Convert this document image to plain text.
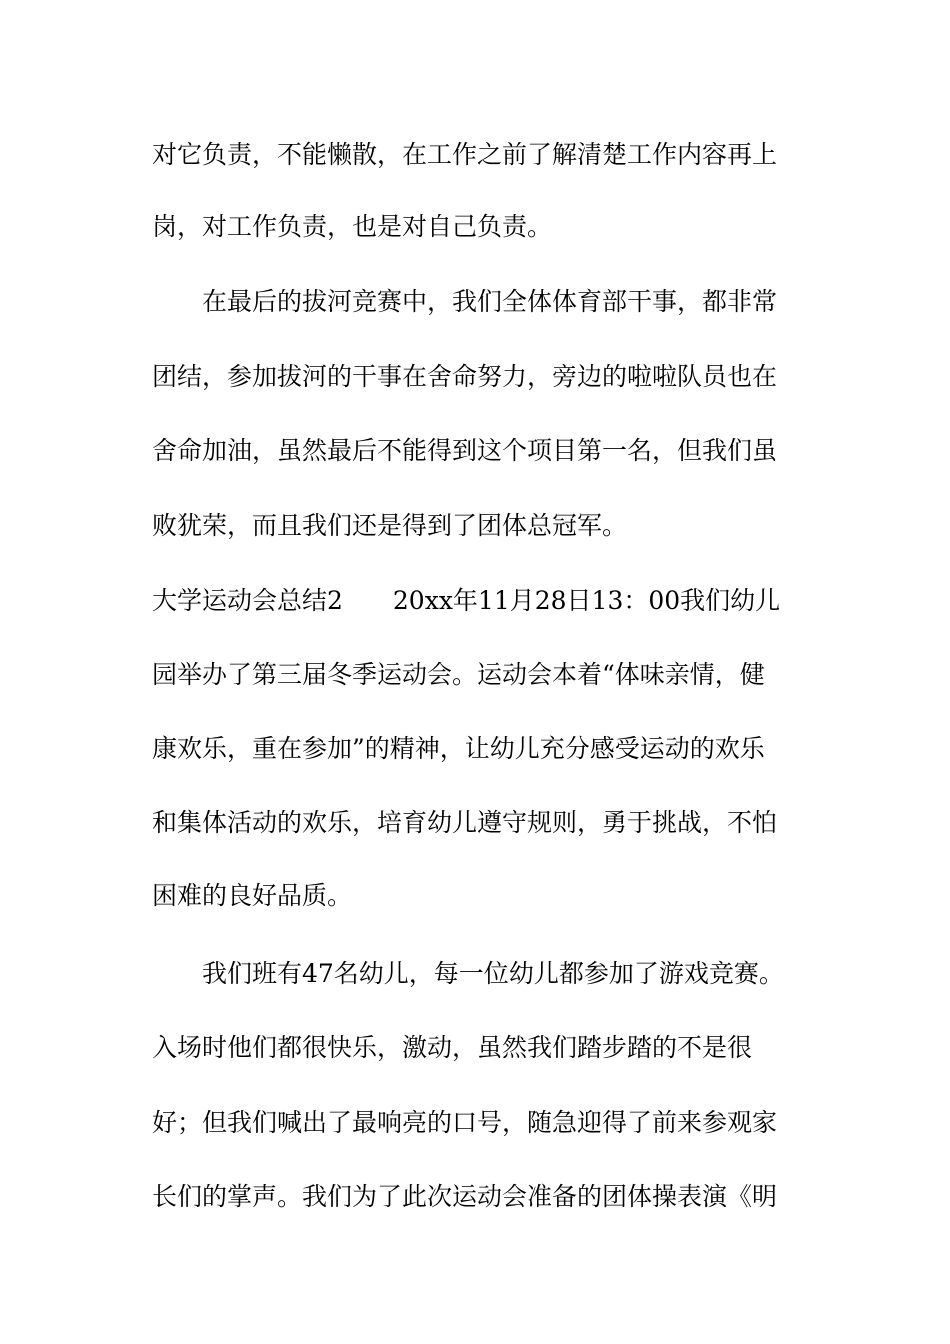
对它负责，不能懒散，在工作之前了解清楚工作内容再上
岗，对工作负责，也是对自己负责。
在最后的拔河竞赛中，我们全体体育部干事，都非常
团结，参加拔河的干事在舍命努力，旁边的啦啦队员也在
舍命加油，虽然最后不能得到这个项目第一名，但我们虽
败犹荣，而且我们还是得到了团体总冠军。
大学运动会总结2　　20xx年11月28日13：00我们幼儿
园举办了第三届冬季运动会。运动会本着“体味亲情，健
康欢乐，重在参加”的精神，让幼儿充分感受运动的欢乐
和集体活动的欢乐，培育幼儿遵守规则，勇于挑战，不怕
困难的良好品质。
我们班有47名幼儿，每一位幼儿都参加了游戏竞赛。
入场时他们都很快乐，激动，虽然我们踏步踏的不是很
好；但我们喊出了最响亮的口号，随急迎得了前来参观家
长们的掌声。我们为了此次运动会准备的团体操表演《明
